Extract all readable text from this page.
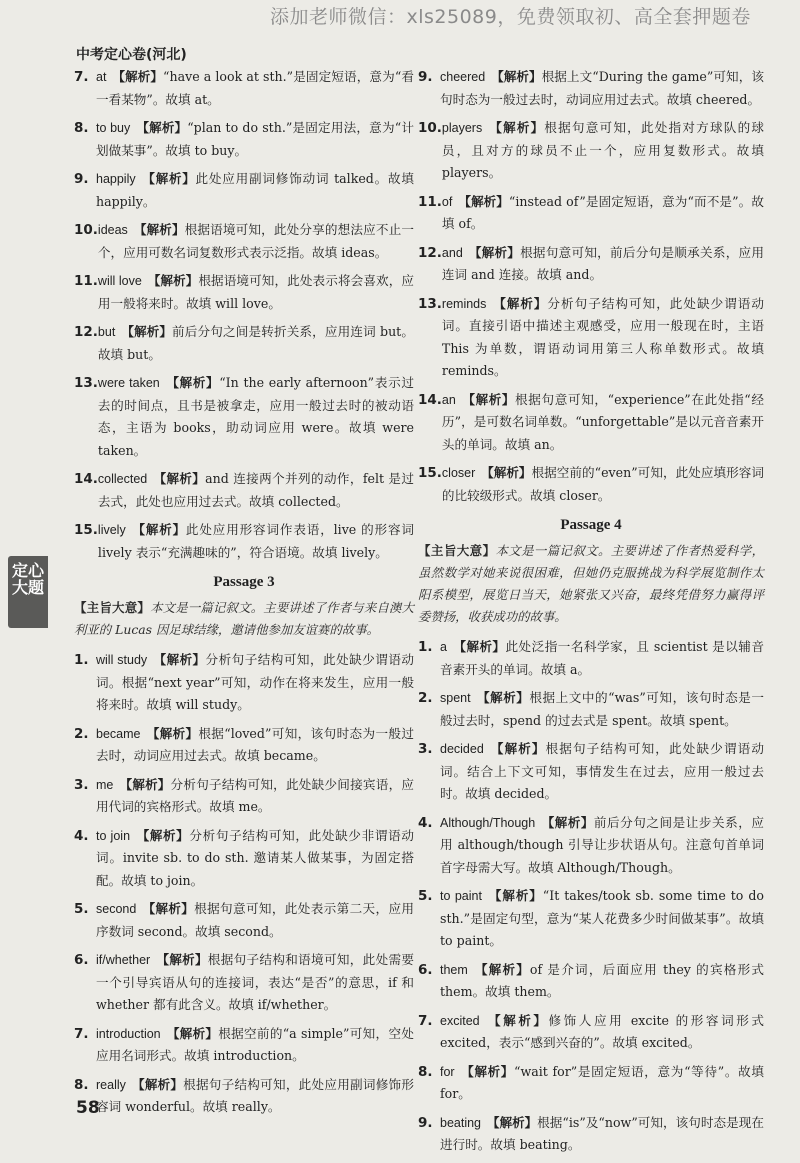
添加老师微信：xls25089，免费领取初、高全套押题卷
中考定心卷(河北)
定心大题
7. at 【解析】“have a look at sth.”是固定短语，意为“看一看某物”。故填 at。
8. to buy 【解析】“plan to do sth.”是固定用法，意为“计划做某事”。故填 to buy。
9. happily 【解析】此处应用副词修饰动词 talked。故填 happily。
10. ideas 【解析】根据语境可知，此处分享的想法应不止一个，应用可数名词复数形式表示泛指。故填 ideas。
11. will love 【解析】根据语境可知，此处表示将会喜欢，应用一般将来时。故填 will love。
12. but 【解析】前后分句之间是转折关系，应用连词 but。故填 but。
13. were taken 【解析】“In the early afternoon”表示过去的时间点，且书是被拿走，应用一般过去时的被动语态，主语为 books，助动词应用 were。故填 were taken。
14. collected 【解析】and 连接两个并列的动作，felt 是过去式，此处也应用过去式。故填 collected。
15. lively 【解析】此处应用形容词作表语，live 的形容词 lively 表示“充满趣味的”，符合语境。故填 lively。
Passage 3
【主旨大意】本文是一篇记叙文。主要讲述了作者与来自澳大利亚的 Lucas 因足球结缘，邀请他参加友谊赛的故事。
1. will study 【解析】分析句子结构可知，此处缺少谓语动词。根据“next year”可知，动作在将来发生，应用一般将来时。故填 will study。
2. became 【解析】根据“loved”可知，该句时态为一般过去时，动词应用过去式。故填 became。
3. me 【解析】分析句子结构可知，此处缺少间接宾语，应用代词的宾格形式。故填 me。
4. to join 【解析】分析句子结构可知，此处缺少非谓语动词。invite sb. to do sth. 邀请某人做某事，为固定搭配。故填 to join。
5. second 【解析】根据句意可知，此处表示第二天，应用序数词 second。故填 second。
6. if/whether 【解析】根据句子结构和语境可知，此处需要一个引导宾语从句的连接词，表达“是否”的意思，if 和 whether 都有此含义。故填 if/whether。
7. introduction 【解析】根据空前的“a simple”可知，空处应用名词形式。故填 introduction。
8. really 【解析】根据句子结构可知，此处应用副词修饰形容词 wonderful。故填 really。
9. cheered 【解析】根据上文“During the game”可知，该句时态为一般过去时，动词应用过去式。故填 cheered。
10. players 【解析】根据句意可知，此处指对方球队的球员，且对方的球员不止一个，应用复数形式。故填 players。
11. of 【解析】“instead of”是固定短语，意为“而不是”。故填 of。
12. and 【解析】根据句意可知，前后分句是顺承关系，应用连词 and 连接。故填 and。
13. reminds 【解析】分析句子结构可知，此处缺少谓语动词。直接引语中描述主观感受，应用一般现在时，主语 This 为单数，谓语动词用第三人称单数形式。故填 reminds。
14. an 【解析】根据句意可知，“experience”在此处指“经历”，是可数名词单数。“unforgettable”是以元音音素开头的单词。故填 an。
15. closer 【解析】根据空前的“even”可知，此处应填形容词的比较级形式。故填 closer。
Passage 4
【主旨大意】本文是一篇记叙文。主要讲述了作者热爱科学，虽然数学对她来说很困难，但她仍克服挑战为科学展览制作太阳系模型，展览日当天，她紧张又兴奋，最终凭借努力赢得评委赞扬，收获成功的故事。
1. a 【解析】此处泛指一名科学家，且 scientist 是以辅音音素开头的单词。故填 a。
2. spent 【解析】根据上文中的“was”可知，该句时态是一般过去时，spend 的过去式是 spent。故填 spent。
3. decided 【解析】根据句子结构可知，此处缺少谓语动词。结合上下文可知，事情发生在过去，应用一般过去时。故填 decided。
4. Although/Though 【解析】前后分句之间是让步关系，应用 although/though 引导让步状语从句。注意句首单词首字母需大写。故填 Although/Though。
5. to paint 【解析】“It takes/took sb. some time to do sth.”是固定句型，意为“某人花费多少时间做某事”。故填 to paint。
6. them 【解析】of 是介词，后面应用 they 的宾格形式 them。故填 them。
7. excited 【解析】修饰人应用 excite 的形容词形式 excited，表示“感到兴奋的”。故填 excited。
8. for 【解析】“wait for”是固定短语，意为“等待”。故填 for。
9. beating 【解析】根据“is”及“now”可知，该句时态是现在进行时。故填 beating。
58
